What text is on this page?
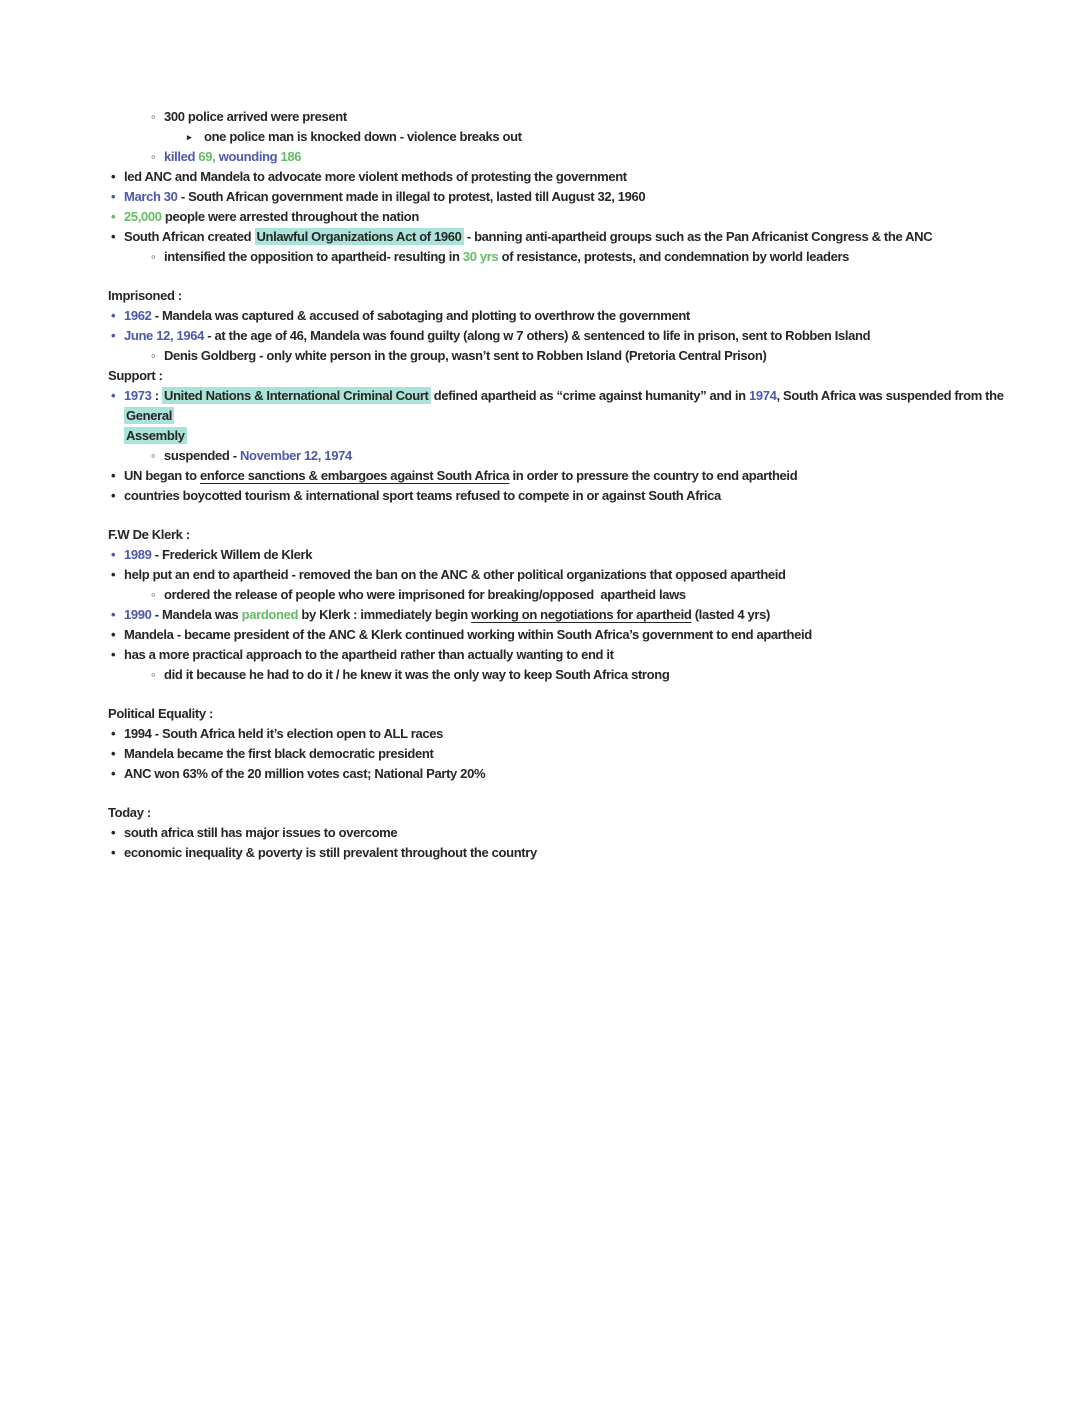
◦ 300 police arrived were present
▸ one police man is knocked down - violence breaks out
◦ killed 69, wounding 186
• led ANC and Mandela to advocate more violent methods of protesting the government
• March 30 - South African government made in illegal to protest, lasted till August 32, 1960
• 25,000 people were arrested throughout the nation
• South African created Unlawful Organizations Act of 1960 - banning anti-apartheid groups such as the Pan Africanist Congress & the ANC
◦ intensified the opposition to apartheid- resulting in 30 yrs of resistance, protests, and condemnation by world leaders
Imprisoned :
• 1962 - Mandela was captured & accused of sabotaging and plotting to overthrow the government
• June 12, 1964 - at the age of 46, Mandela was found guilty (along w 7 others) & sentenced to life in prison, sent to Robben Island
◦ Denis Goldberg - only white person in the group, wasn’t sent to Robben Island (Pretoria Central Prison)
Support :
• 1973 : United Nations & International Criminal Court defined apartheid as “crime against humanity” and in 1974, South Africa was suspended from the General
Assembly
◦ suspended - November 12, 1974
• UN began to enforce sanctions & embargoes against South Africa in order to pressure the country to end apartheid
• countries boycotted tourism & international sport teams refused to compete in or against South Africa
F.W De Klerk :
• 1989 - Frederick Willem de Klerk
• help put an end to apartheid - removed the ban on the ANC & other political organizations that opposed apartheid
◦ ordered the release of people who were imprisoned for breaking/opposed  apartheid laws
• 1990 - Mandela was pardoned by Klerk : immediately begin working on negotiations for apartheid (lasted 4 yrs)
• Mandela - became president of the ANC & Klerk continued working within South Africa’s government to end apartheid
• has a more practical approach to the apartheid rather than actually wanting to end it
◦ did it because he had to do it / he knew it was the only way to keep South Africa strong
Political Equality :
• 1994 - South Africa held it’s election open to ALL races
• Mandela became the first black democratic president
• ANC won 63% of the 20 million votes cast; National Party 20%
Today :
• south africa still has major issues to overcome
• economic inequality & poverty is still prevalent throughout the country
